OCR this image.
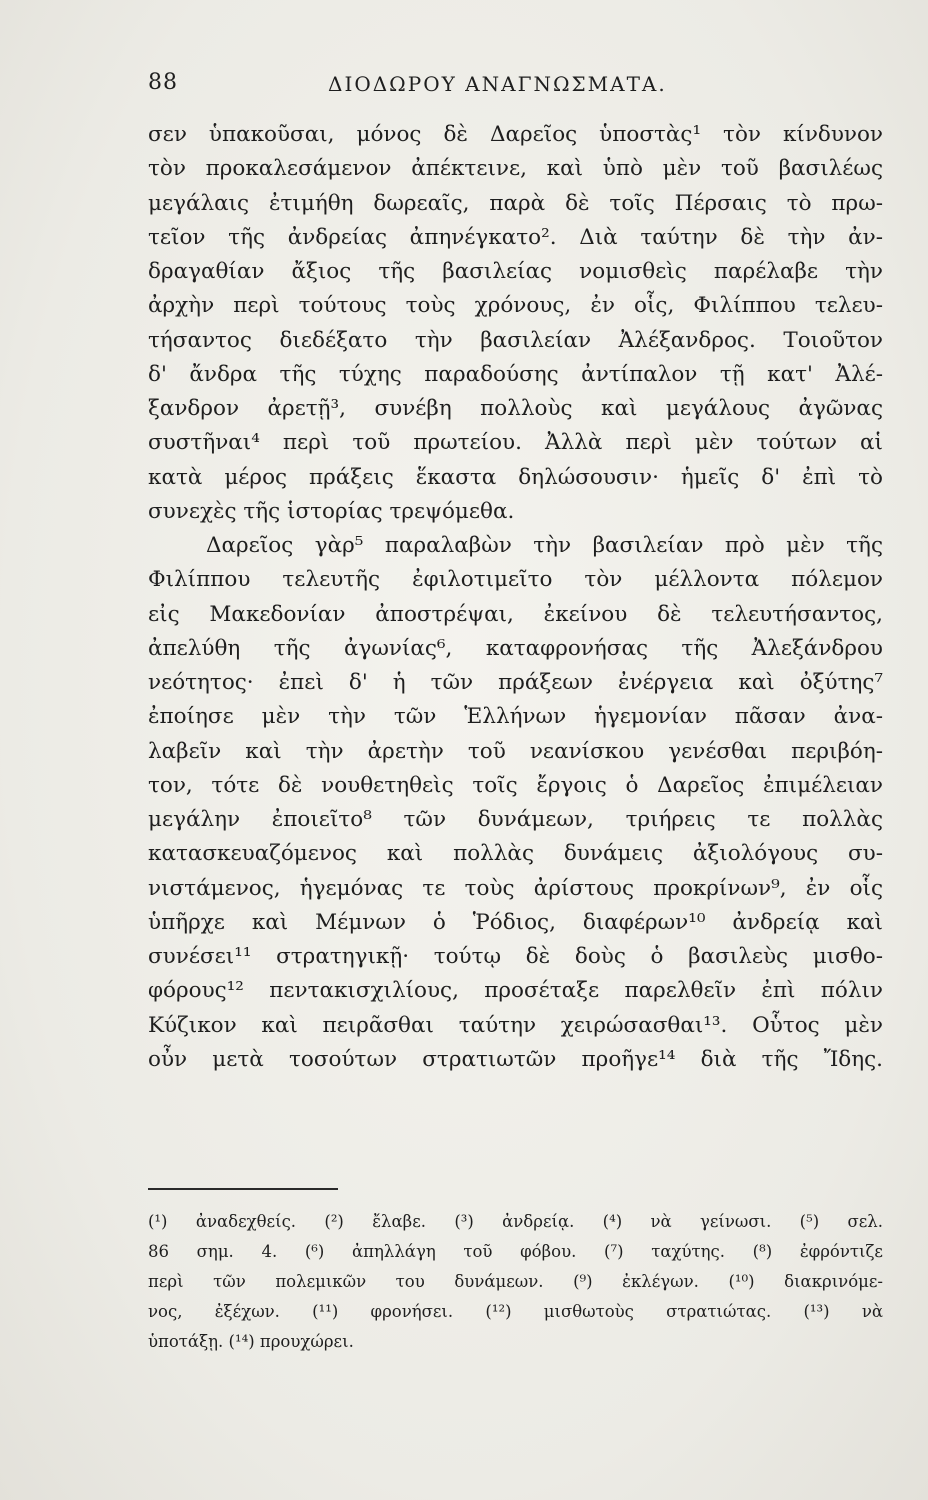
88	ΔΙΟΔΩΡΟΥ ΑΝΑΓΝΩΣΜΑΤΑ.
σεν ὑπακοῦσαι, μόνος δὲ Δαρεῖος ὑποστὰς¹ τὸν κίνδυνον
τὸν προκαλεσάμενον ἀπέκτεινε, καὶ ὑπὸ μὲν τοῦ βασιλέως
μεγάλαις ἐτιμήθη δωρεαῖς, παρὰ δὲ τοῖς Πέρσαις τὸ πρω-
τεῖον τῆς ἀνδρείας ἀπηνέγκατο². Διὰ ταύτην δὲ τὴν ἀν-
δραγαθίαν ἄξιος τῆς βασιλείας νομισθεὶς παρέλαβε τὴν
ἀρχὴν περὶ τούτους τοὺς χρόνους, ἐν οἷς, Φιλίππου τελευ-
τήσαντος διεδέξατο τὴν βασιλείαν Ἀλέξανδρος. Τοιοῦτον
δ' ἄνδρα τῆς τύχης παραδούσης ἀντίπαλον τῇ κατ' Ἀλέ-
ξανδρον ἀρετῇ³, συνέβη πολλοὺς καὶ μεγάλους ἀγῶνας
συστῆναι⁴ περὶ τοῦ πρωτείου. Ἀλλὰ περὶ μὲν τούτων αἱ
κατὰ μέρος πράξεις ἕκαστα δηλώσουσιν· ἡμεῖς δ' ἐπὶ τὸ
συνεχὲς τῆς ἱστορίας τρεψόμεθα.
Δαρεῖος γὰρ⁵ παραλαβὼν τὴν βασιλείαν πρὸ μὲν τῆς
Φιλίππου τελευτῆς ἐφιλοτιμεῖτο τὸν μέλλοντα πόλεμον
εἰς Μακεδονίαν ἀποστρέψαι, ἐκείνου δὲ τελευτήσαντος,
ἀπελύθη τῆς ἀγωνίας⁶, καταφρονήσας τῆς Ἀλεξάνδρου
νεότητος· ἐπεὶ δ' ἡ τῶν πράξεων ἐνέργεια καὶ ὀξύτης⁷
ἐποίησε μὲν τὴν τῶν Ἑλλήνων ἡγεμονίαν πᾶσαν ἀνα-
λαβεῖν καὶ τὴν ἀρετὴν τοῦ νεανίσκου γενέσθαι περιβόη-
τον, τότε δὲ νουθετηθεὶς τοῖς ἔργοις ὁ Δαρεῖος ἐπιμέλειαν
μεγάλην ἐποιεῖτο⁸ τῶν δυνάμεων, τριήρεις τε πολλὰς
κατασκευαζόμενος καὶ πολλὰς δυνάμεις ἀξιολόγους συ-
νιστάμενος, ἡγεμόνας τε τοὺς ἀρίστους προκρίνων⁹, ἐν οἷς
ὑπῆρχε καὶ Μέμνων ὁ Ῥόδιος, διαφέρων¹⁰ ἀνδρείᾳ καὶ
συνέσει¹¹ στρατηγικῇ· τούτῳ δὲ δοὺς ὁ βασιλεὺς μισθο-
φόρους¹² πεντακισχιλίους, προσέταξε παρελθεῖν ἐπὶ πόλιν
Κύζικον καὶ πειρᾶσθαι ταύτην χειρώσασθαι¹³. Οὗτος μὲν
οὖν μετὰ τοσούτων στρατιωτῶν προῆγε¹⁴ διὰ τῆς Ἴδης.
(¹) ἀναδεχθείς. (²) ἔλαβε. (³) ἀνδρείᾳ. (⁴) νὰ γείνωσι. (⁵) σελ.
86 σημ. 4. (⁶) ἀπηλλάγη τοῦ φόβου. (⁷) ταχύτης. (⁸) ἐφρόντιζε
περὶ τῶν πολεμικῶν του δυνάμεων. (⁹) ἐκλέγων. (¹⁰) διακρινόμε-
νος, ἐξέχων. (¹¹) φρονήσει. (¹²) μισθωτοὺς στρατιώτας. (¹³) νὰ
ὑποτάξῃ. (¹⁴) προυχώρει.
